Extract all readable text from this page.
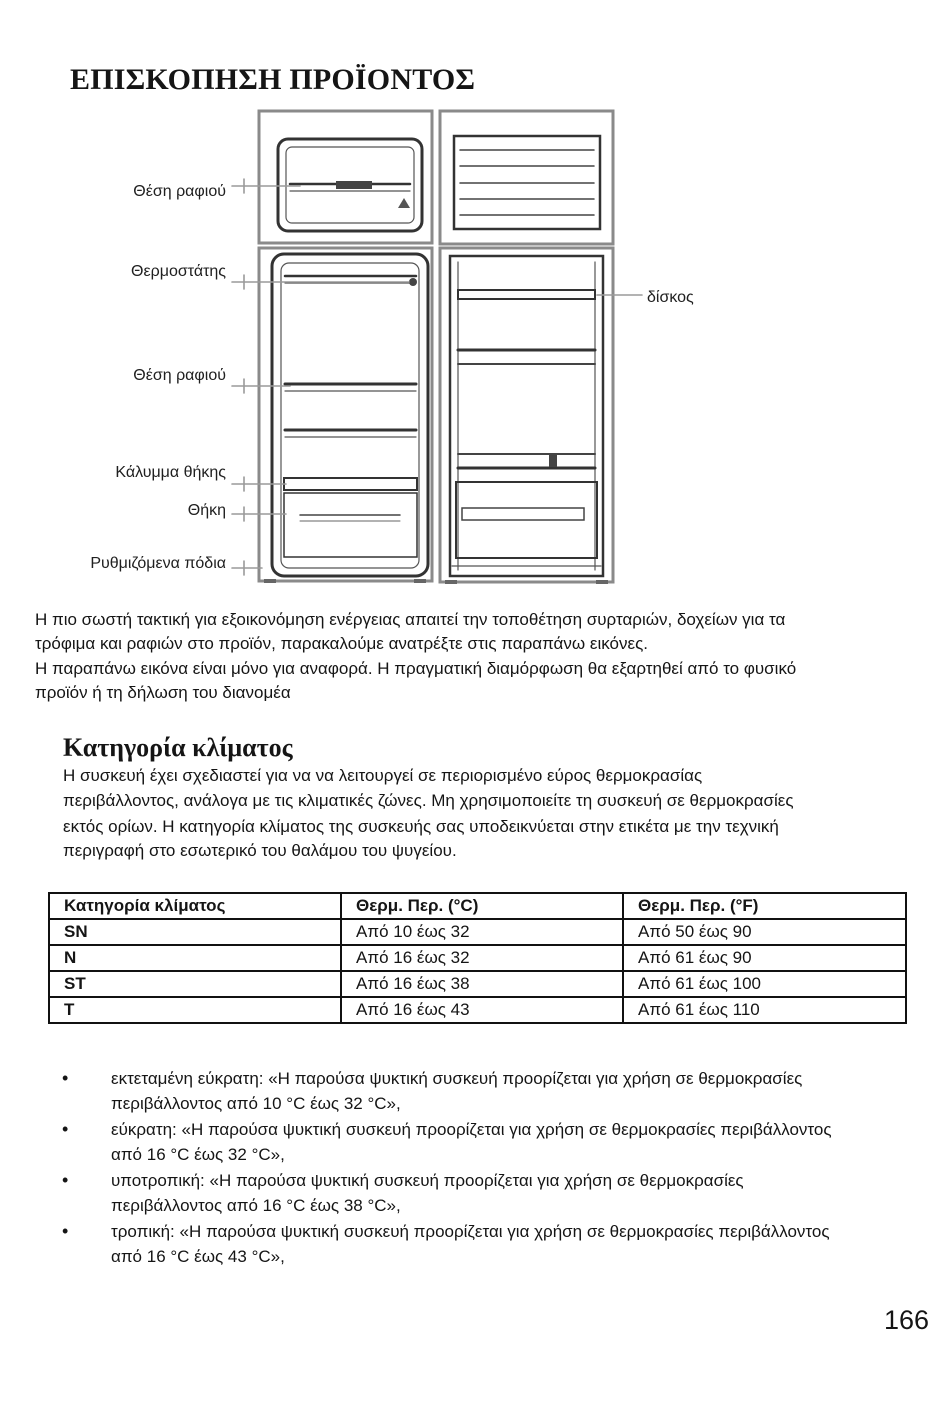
ΕΠΙΣΚΟΠΗΣΗ ΠΡΟΪΟΝΤΟΣ
Θέση ραφιού
Θερμοστάτης
δίσκος
Θέση ραφιού
Κάλυμμα θήκης
Θήκη
Ρυθμιζόμενα πόδια
Η πιο σωστή τακτική για εξοικονόμηση ενέργειας απαιτεί την τοποθέτηση συρταριών, δοχείων για τα
τρόφιμα και ραφιών στο προϊόν, παρακαλούμε ανατρέξτε στις παραπάνω εικόνες.
Η παραπάνω εικόνα είναι μόνο για αναφορά. Η πραγματική διαμόρφωση θα εξαρτηθεί από το φυσικό
προϊόν ή τη δήλωση του διανομέα
Κατηγορία κλίματος
Η συσκευή έχει σχεδιαστεί για να να λειτουργεί σε περιορισμένο εύρος θερμοκρασίας
περιβάλλοντος, ανάλογα με τις κλιματικές ζώνες. Μη χρησιμοποιείτε τη συσκευή σε θερμοκρασίες
εκτός ορίων. Η κατηγορία κλίματος της συσκευής σας υποδεικνύεται στην ετικέτα με την τεχνική
περιγραφή στο εσωτερικό του θαλάμου του ψυγείου.
Κατηγορία κλίματος	Θερμ. Περ. (°C)	Θερμ. Περ. (°F)
SN	Από 10 έως 32	Από 50 έως 90
N	Από 16 έως 32	Από 61 έως 90
ST	Από 16 έως 38	Από 61 έως 100
T	Από 16 έως 43	Από 61 έως 110
•
εκτεταμένη εύκρατη: «Η παρούσα ψυκτική συσκευή προορίζεται για χρήση σε θερμοκρασίες
περιβάλλοντος από 10 °C έως 32 °C»,
•
εύκρατη: «Η παρούσα ψυκτική συσκευή προορίζεται για χρήση σε θερμοκρασίες περιβάλλοντος
από 16 °C έως 32 °C»,
•
υποτροπική: «Η παρούσα ψυκτική συσκευή προορίζεται για χρήση σε θερμοκρασίες
περιβάλλοντος από 16 °C έως 38 °C»,
•
τροπική: «Η παρούσα ψυκτική συσκευή προορίζεται για χρήση σε θερμοκρασίες περιβάλλοντος
από 16 °C έως 43 °C»,
166
